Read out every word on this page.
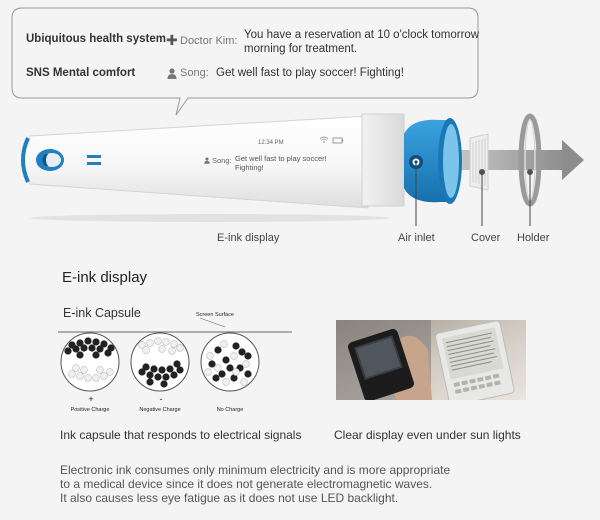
Ubiquitous health system ✚ Doctor Kim: You have a reservation at 10 o'clock tomorrow
morning for treatment.
SNS Mental comfort	Song: Get well fast to play soccer! Fighting!
12:34 PM
Song: Get well fast to play soccer!
Fighting!
E-ink display	Air inlet	Cover Holder
E-ink display
E-ink Capsule	Screen Surface
+	-
Positive Charge	Negative Charge	No Charge
Ink capsule that responds to electrical signals	Clear display even under sun lights
Electronic ink consumes only minimum electricity and is more appropriate
to a medical device since it does not generate electromagnetic waves.
It also causes less eye fatigue as it does not use LED backlight.
